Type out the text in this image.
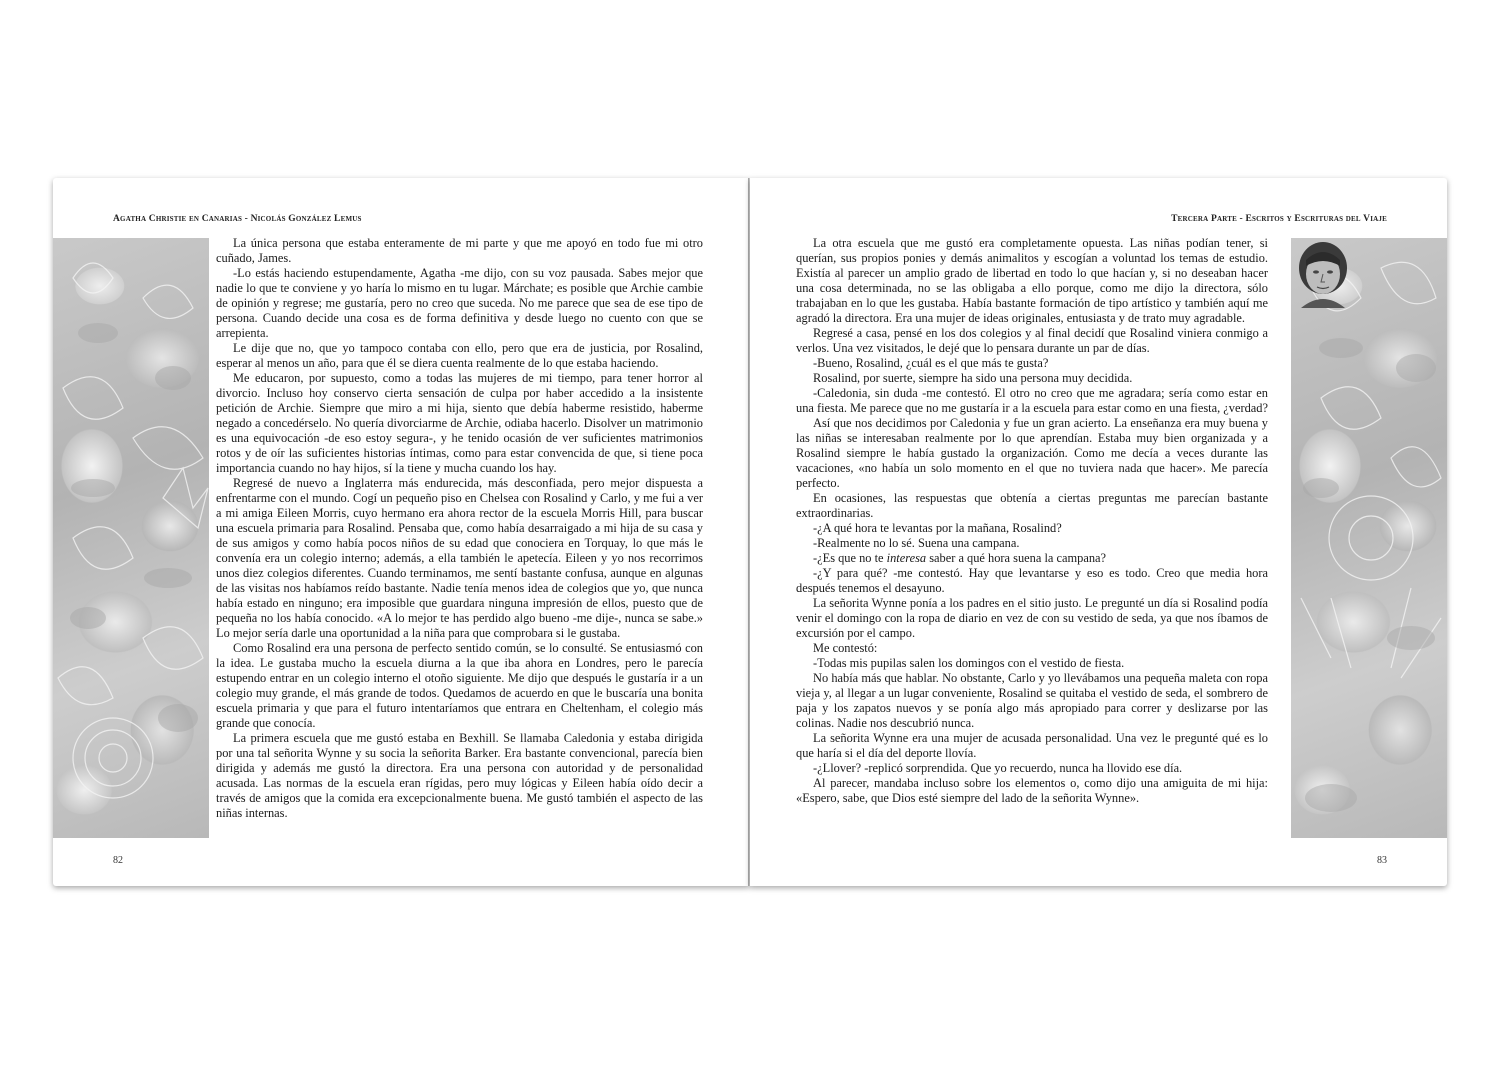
Agatha Christie en Canarias - Nicolás González Lemus

La única persona que estaba enteramente de mi parte y que me apoyó en todo fue mi otro cuñado, James.

-Lo estás haciendo estupendamente, Agatha -me dijo, con su voz pausada. Sabes mejor que nadie lo que te conviene y yo haría lo mismo en tu lugar. Márchate; es posible que Archie cambie de opinión y regrese; me gustaría, pero no creo que suceda. No me parece que sea de ese tipo de persona. Cuando decide una cosa es de forma definitiva y desde luego no cuento con que se arrepienta.

Le dije que no, que yo tampoco contaba con ello, pero que era de justicia, por Rosalind, esperar al menos un año, para que él se diera cuenta realmente de lo que estaba haciendo.

Me educaron, por supuesto, como a todas las mujeres de mi tiempo, para tener horror al divorcio. Incluso hoy conservo cierta sensación de culpa por haber accedido a la insistente petición de Archie. Siempre que miro a mi hija, siento que debía haberme resistido, haberme negado a concedérselo. No quería divorciarme de Archie, odiaba hacerlo. Disolver un matrimonio es una equivocación -de eso estoy segura-, y he tenido ocasión de ver suficientes matrimonios rotos y de oír las suficientes historias íntimas, como para estar convencida de que, si tiene poca importancia cuando no hay hijos, sí la tiene y mucha cuando los hay.

Regresé de nuevo a Inglaterra más endurecida, más desconfiada, pero mejor dispuesta a enfrentarme con el mundo. Cogí un pequeño piso en Chelsea con Rosalind y Carlo, y me fui a ver a mi amiga Eileen Morris, cuyo hermano era ahora rector de la escuela Morris Hill, para buscar una escuela primaria para Rosalind. Pensaba que, como había desarraigado a mi hija de su casa y de sus amigos y como había pocos niños de su edad que conociera en Torquay, lo que más le convenía era un colegio interno; además, a ella también le apetecía. Eileen y yo nos recorrimos unos diez colegios diferentes. Cuando terminamos, me sentí bastante confusa, aunque en algunas de las visitas nos habíamos reído bastante. Nadie tenía menos idea de colegios que yo, que nunca había estado en ninguno; era imposible que guardara ninguna impresión de ellos, puesto que de pequeña no los había conocido. «A lo mejor te has perdido algo bueno -me dije-, nunca se sabe.» Lo mejor sería darle una oportunidad a la niña para que comprobara si le gustaba.

Como Rosalind era una persona de perfecto sentido común, se lo consulté. Se entusiasmó con la idea. Le gustaba mucho la escuela diurna a la que iba ahora en Londres, pero le parecía estupendo entrar en un colegio interno el otoño siguiente. Me dijo que después le gustaría ir a un colegio muy grande, el más grande de todos. Quedamos de acuerdo en que le buscaría una bonita escuela primaria y que para el futuro intentaríamos que entrara en Cheltenham, el colegio más grande que conocía.

La primera escuela que me gustó estaba en Bexhill. Se llamaba Caledonia y estaba dirigida por una tal señorita Wynne y su socia la señorita Barker. Era bastante convencional, parecía bien dirigida y además me gustó la directora. Era una persona con autoridad y de personalidad acusada. Las normas de la escuela eran rígidas, pero muy lógicas y Eileen había oído decir a través de amigos que la comida era excepcionalmente buena. Me gustó también el aspecto de las niñas internas.

82
Tercera Parte - Escritos y Escrituras del Viaje

La otra escuela que me gustó era completamente opuesta. Las niñas podían tener, si querían, sus propios ponies y demás animalitos y escogían a voluntad los temas de estudio. Existía al parecer un amplio grado de libertad en todo lo que hacían y, si no deseaban hacer una cosa determinada, no se las obligaba a ello porque, como me dijo la directora, sólo trabajaban en lo que les gustaba. Había bastante formación de tipo artístico y también aquí me agradó la directora. Era una mujer de ideas originales, entusiasta y de trato muy agradable.

Regresé a casa, pensé en los dos colegios y al final decidí que Rosalind viniera conmigo a verlos. Una vez visitados, le dejé que lo pensara durante un par de días.

-Bueno, Rosalind, ¿cuál es el que más te gusta?

Rosalind, por suerte, siempre ha sido una persona muy decidida.

-Caledonia, sin duda -me contestó. El otro no creo que me agradara; sería como estar en una fiesta. Me parece que no me gustaría ir a la escuela para estar como en una fiesta, ¿verdad?

Así que nos decidimos por Caledonia y fue un gran acierto. La enseñanza era muy buena y las niñas se interesaban realmente por lo que aprendían. Estaba muy bien organizada y a Rosalind siempre le había gustado la organización. Como me decía a veces durante las vacaciones, «no había un solo momento en el que no tuviera nada que hacer». Me parecía perfecto.

En ocasiones, las respuestas que obtenía a ciertas preguntas me parecían bastante extraordinarias.

-¿A qué hora te levantas por la mañana, Rosalind?

-Realmente no lo sé. Suena una campana.

-¿Es que no te interesa saber a qué hora suena la campana?

-¿Y para qué? -me contestó. Hay que levantarse y eso es todo. Creo que media hora después tenemos el desayuno.

La señorita Wynne ponía a los padres en el sitio justo. Le pregunté un día si Rosalind podía venir el domingo con la ropa de diario en vez de con su vestido de seda, ya que nos íbamos de excursión por el campo.

Me contestó:

-Todas mis pupilas salen los domingos con el vestido de fiesta.

No había más que hablar. No obstante, Carlo y yo llevábamos una pequeña maleta con ropa vieja y, al llegar a un lugar conveniente, Rosalind se quitaba el vestido de seda, el sombrero de paja y los zapatos nuevos y se ponía algo más apropiado para correr y deslizarse por las colinas. Nadie nos descubrió nunca.

La señorita Wynne era una mujer de acusada personalidad. Una vez le pregunté qué es lo que haría si el día del deporte llovía.

-¿Llover? -replicó sorprendida. Que yo recuerdo, nunca ha llovido ese día.

Al parecer, mandaba incluso sobre los elementos o, como dijo una amiguita de mi hija: «Espero, sabe, que Dios esté siempre del lado de la señorita Wynne».

83
